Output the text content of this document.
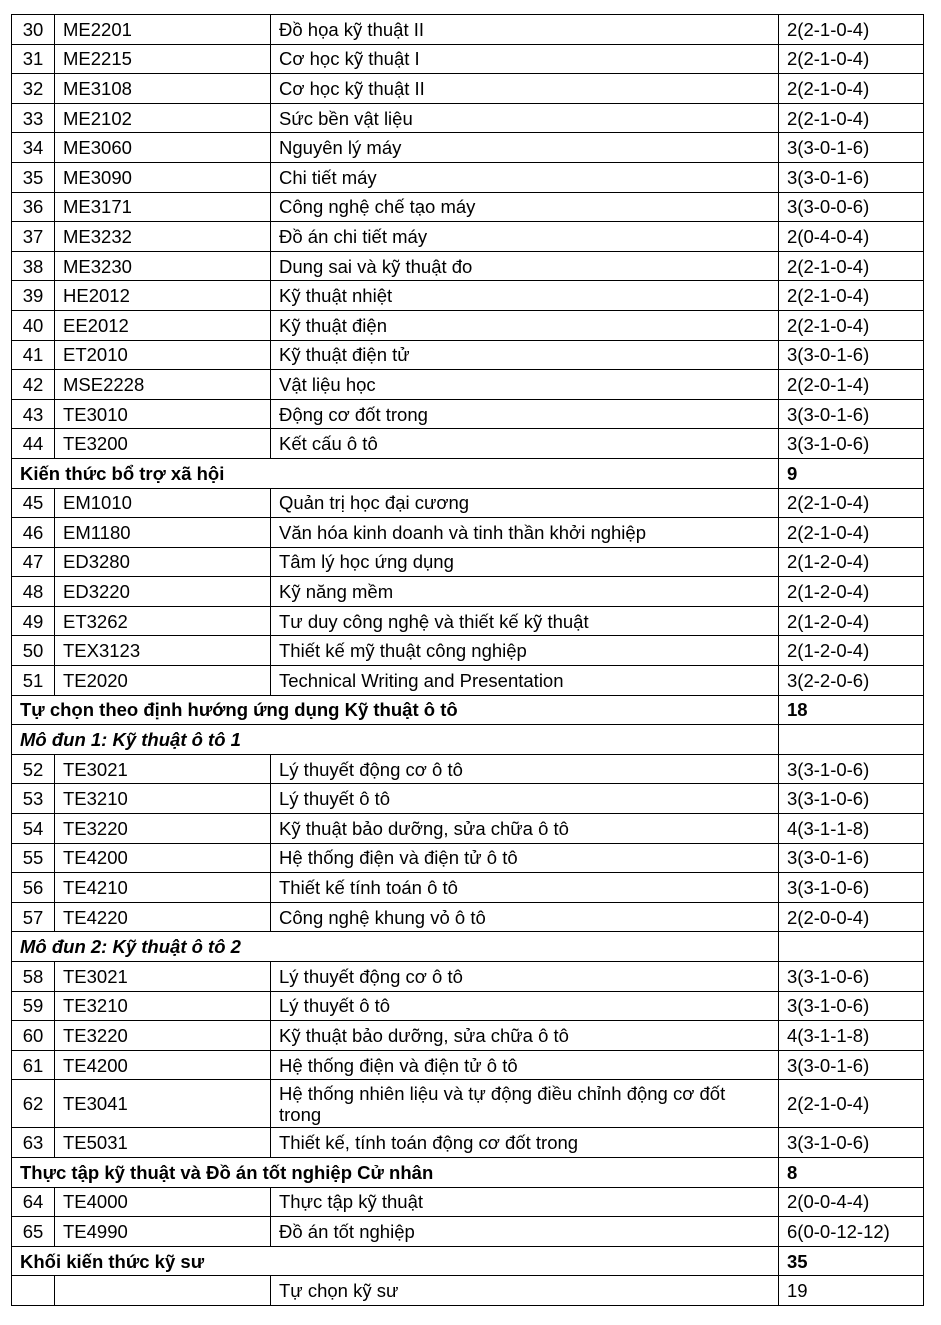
30	ME2201	Đồ họa kỹ thuật II	2(2-1-0-4)
31	ME2215	Cơ học kỹ thuật I	2(2-1-0-4)
32	ME3108	Cơ học kỹ thuật II	2(2-1-0-4)
33	ME2102	Sức bền vật liệu	2(2-1-0-4)
34	ME3060	Nguyên lý máy	3(3-0-1-6)
35	ME3090	Chi tiết máy	3(3-0-1-6)
36	ME3171	Công nghệ chế tạo máy	3(3-0-0-6)
37	ME3232	Đồ án chi tiết máy	2(0-4-0-4)
38	ME3230	Dung sai và kỹ thuật đo	2(2-1-0-4)
39	HE2012	Kỹ thuật nhiệt	2(2-1-0-4)
40	EE2012	Kỹ thuật điện	2(2-1-0-4)
41	ET2010	Kỹ thuật điện tử	3(3-0-1-6)
42	MSE2228	Vật liệu học	2(2-0-1-4)
43	TE3010	Động cơ đốt trong	3(3-0-1-6)
44	TE3200	Kết cấu ô tô	3(3-1-0-6)
Kiến thức bổ trợ xã hội			9
45	EM1010	Quản trị học đại cương	2(2-1-0-4)
46	EM1180	Văn hóa kinh doanh và tinh thần khởi nghiệp	2(2-1-0-4)
47	ED3280	Tâm lý học ứng dụng	2(1-2-0-4)
48	ED3220	Kỹ năng mềm	2(1-2-0-4)
49	ET3262	Tư duy công nghệ và thiết kế kỹ thuật	2(1-2-0-4)
50	TEX3123	Thiết kế mỹ thuật công nghiệp	2(1-2-0-4)
51	TE2020	Technical Writing and Presentation	3(2-2-0-6)
Tự chọn theo định hướng ứng dụng Kỹ thuật ô tô			18
Mô đun 1: Kỹ thuật ô tô 1			
52	TE3021	Lý thuyết động cơ ô tô	3(3-1-0-6)
53	TE3210	Lý thuyết ô tô	3(3-1-0-6)
54	TE3220	Kỹ thuật bảo dưỡng, sửa chữa ô tô	4(3-1-1-8)
55	TE4200	Hệ thống điện và điện tử ô tô	3(3-0-1-6)
56	TE4210	Thiết kế tính toán ô tô	3(3-1-0-6)
57	TE4220	Công nghệ khung vỏ ô tô	2(2-0-0-4)
Mô đun 2: Kỹ thuật ô tô 2			
58	TE3021	Lý thuyết động cơ ô tô	3(3-1-0-6)
59	TE3210	Lý thuyết ô tô	3(3-1-0-6)
60	TE3220	Kỹ thuật bảo dưỡng, sửa chữa ô tô	4(3-1-1-8)
61	TE4200	Hệ thống điện và điện tử ô tô	3(3-0-1-6)
62	TE3041	Hệ thống nhiên liệu và tự động điều chỉnh động cơ đốt trong	2(2-1-0-4)
63	TE5031	Thiết kế, tính toán động cơ đốt trong	3(3-1-0-6)
Thực tập kỹ thuật và Đồ án tốt nghiệp Cử nhân			8
64	TE4000	Thực tập kỹ thuật	2(0-0-4-4)
65	TE4990	Đồ án tốt nghiệp	6(0-0-12-12)
Khối kiến thức kỹ sư			35
		Tự chọn kỹ sư	19
